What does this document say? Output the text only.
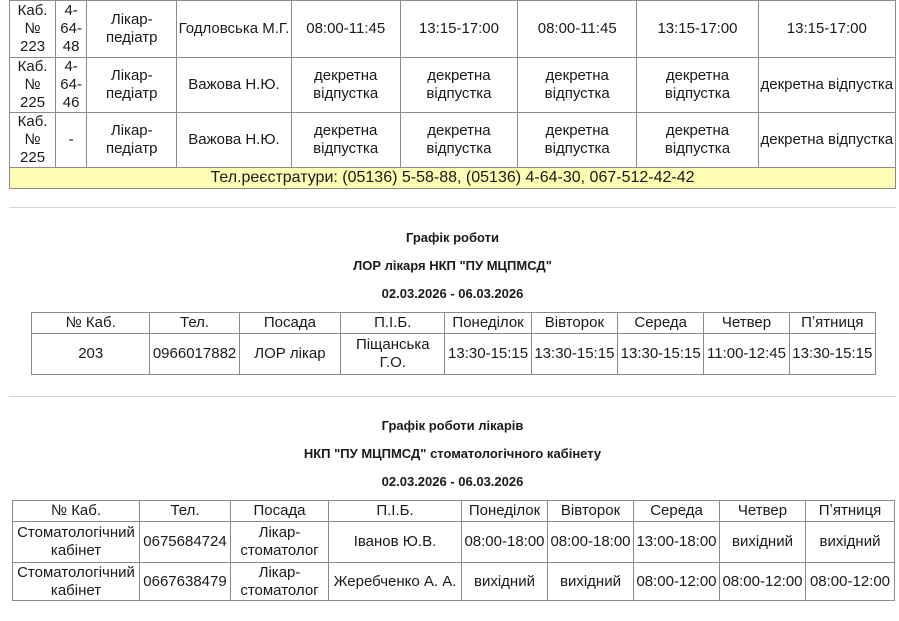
Каб. № 223	4-64-48	Лікар-педіатр	Годловська М.Г.	08:00-11:45	13:15-17:00	08:00-11:45	13:15-17:00	13:15-17:00
Каб. № 225	4-64-46	Лікар-педіатр	Важова Н.Ю.	декретна відпустка	декретна відпустка	декретна відпустка	декретна відпустка	декретна відпустка
Каб. № 225	-	Лікар-педіатр	Важова Н.Ю.	декретна відпустка	декретна відпустка	декретна відпустка	декретна відпустка	декретна відпустка
Тел.реєстратури: (05136) 5-58-88, (05136) 4-64-30, 067-512-42-42								
Графік роботи
ЛОР лікаря НКП "ПУ МЦПМСД"
02.03.2026 - 06.03.2026
№ Каб.	Тел.	Посада	П.І.Б.	Понеділок	Вівторок	Середа	Четвер	Пʼятниця
203	0966017882	ЛОР лікар	Піщанська Г.О.	13:30-15:15	13:30-15:15	13:30-15:15	11:00-12:45	13:30-15:15
Графік роботи лікарів
НКП "ПУ МЦПМСД" стоматологічного кабінету
02.03.2026 - 06.03.2026
№ Каб.	Тел.	Посада	П.І.Б.	Понеділок	Вівторок	Середа	Четвер	Пʼятниця
Стоматологічний кабінет	0675684724	Лікар-стоматолог	Іванов Ю.В.	08:00-18:00	08:00-18:00	13:00-18:00	вихідний	вихідний
Стоматологічний кабінет	0667638479	Лікар-стоматолог	Жеребченко А. А.	вихідний	вихідний	08:00-12:00	08:00-12:00	08:00-12:00
